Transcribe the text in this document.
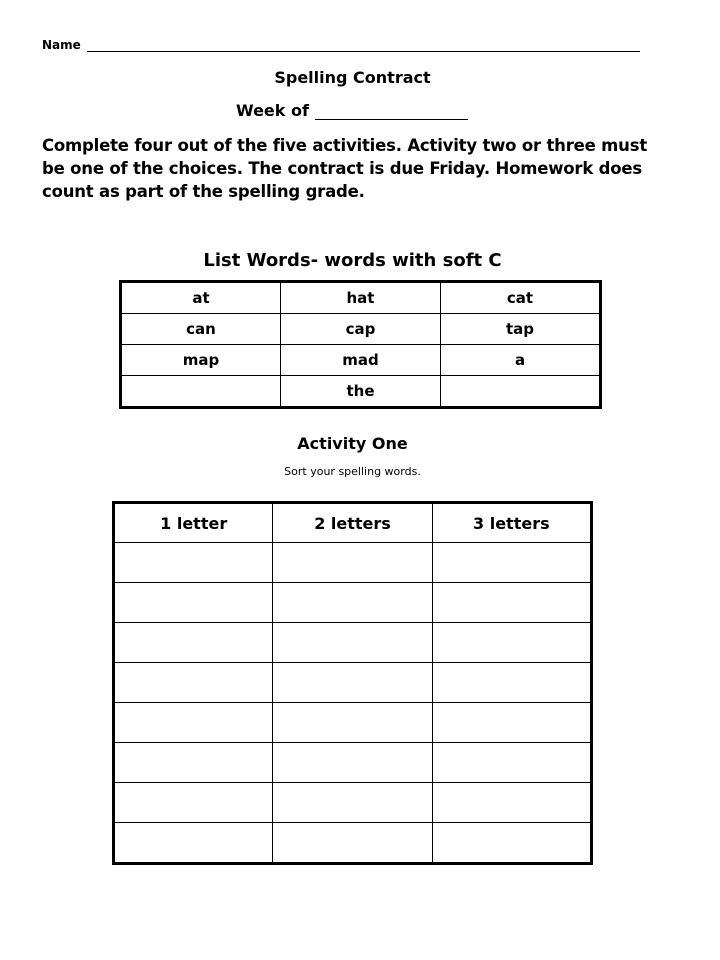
Name
Spelling Contract
Week of
Complete four out of the five activities. Activity two or three must be one of the choices. The contract is due Friday. Homework does count as part of the spelling grade.
List Words- words with soft C
at	hat	cat
can	cap	tap
map	mad	a
	the	
Activity One
Sort your spelling words.
1 letter	2 letters	3 letters
